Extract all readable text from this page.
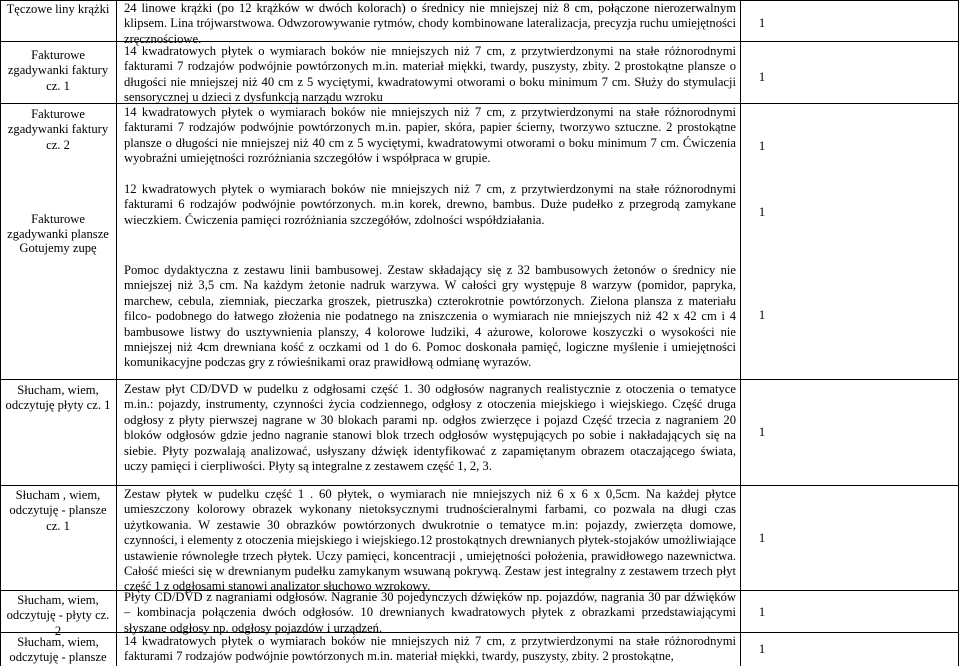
Tęczowe liny krążki
Fakturowe zgadywanki faktury cz. 1
Fakturowe zgadywanki faktury cz. 2
Fakturowe zgadywanki plansze
Gotujemy zupę
Słucham, wiem, odczytuję płyty cz. 1
Słucham , wiem, odczytuję - plansze cz. 1
Słucham, wiem, odczytuję - płyty cz. 2
Słucham, wiem, odczytuję - plansze
24 linowe krążki (po 12 krążków w dwóch kolorach) o średnicy nie mniejszej niż 8 cm, połączone nierozerwalnym klipsem. Lina trójwarstwowa. Odwzorowywanie rytmów, chody kombinowane lateralizacja, precyzja ruchu umiejętności zręcznościowe.
14 kwadratowych płytek o wymiarach boków nie mniejszych niż 7 cm, z przytwierdzonymi na stałe różnorodnymi fakturami 7 rodzajów podwójnie powtórzonych m.in. materiał miękki, twardy, puszysty, zbity. 2 prostokątne plansze o długości nie mniejszej niż 40 cm z 5 wyciętymi, kwadratowymi otworami o boku minimum 7 cm. Służy do stymulacji sensorycznej u dzieci z dysfunkcją narządu wzroku
14 kwadratowych płytek o wymiarach boków nie mniejszych niż 7 cm, z przytwierdzonymi na stałe różnorodnymi fakturami 7 rodzajów podwójnie powtórzonych m.in. papier, skóra, papier ścierny, tworzywo sztuczne. 2 prostokątne plansze o długości nie mniejszej niż 40 cm z 5 wyciętymi, kwadratowymi otworami o boku minimum 7 cm. Ćwiczenia wyobraźni umiejętności rozróżniania szczegółów i współpraca w grupie.
12 kwadratowych płytek o wymiarach boków nie mniejszych niż 7 cm, z przytwierdzonymi na stałe różnorodnymi fakturami 6 rodzajów podwójnie powtórzonych. m.in korek, drewno, bambus. Duże pudełko z przegrodą zamykane wieczkiem. Ćwiczenia pamięci rozróżniania szczegółów, zdolności współdziałania.
Pomoc dydaktyczna z zestawu linii bambusowej. Zestaw składający się z 32 bambusowych żetonów o średnicy nie mniejszej niż 3,5 cm. Na każdym żetonie nadruk warzywa. W całości gry występuje 8 warzyw (pomidor, papryka, marchew, cebula, ziemniak, pieczarka groszek, pietruszka) czterokrotnie powtórzonych. Zielona plansza z materiału filco- podobnego do łatwego złożenia nie podatnego na zniszczenia o wymiarach nie mniejszych niż 42 x 42 cm i 4 bambusowe listwy do usztywnienia planszy, 4 kolorowe ludziki, 4 ażurowe, kolorowe koszyczki o wysokości nie mniejszej niż 4cm drewniana kość z oczkami od 1 do 6. Pomoc doskonała pamięć, logiczne myślenie i umiejętności komunikacyjne podczas gry z rówieśnikami oraz prawidłową odmianę wyrazów.
Zestaw płyt CD/DVD w pudelku z odgłosami część 1. 30 odgłosów nagranych realistycznie z otoczenia o tematyce m.in.: pojazdy, instrumenty, czynności życia codziennego, odgłosy z otoczenia miejskiego i wiejskiego. Część druga odgłosy z płyty pierwszej nagrane w 30 blokach parami np. odgłos zwierzęce i pojazd Część trzecia z nagraniem 20 bloków odgłosów gdzie jedno nagranie stanowi blok trzech odgłosów występujących po sobie i nakładających się na siebie. Płyty pozwalają analizować, usłyszany dźwięk identyfikować z zapamiętanym obrazem otaczającego świata, uczy pamięci i cierpliwości. Płyty są integralne z zestawem część 1, 2, 3.
Zestaw płytek w pudelku część 1 . 60 płytek, o wymiarach nie mniejszych niż 6 x 6 x 0,5cm. Na każdej płytce umieszczony kolorowy obrazek wykonany nietoksycznymi trudnościeralnymi farbami, co pozwala na długi czas użytkowania. W zestawie 30 obrazków powtórzonych dwukrotnie o tematyce m.in: pojazdy, zwierzęta domowe, czynności, i elementy z otoczenia miejskiego i wiejskiego.12 prostokątnych drewnianych płytek-stojaków umożliwiające ustawienie równoległe trzech płytek. Uczy pamięci, koncentracji , umiejętności położenia, prawidłowego nazewnictwa. Całość mieści się w drewnianym pudełku zamykanym wsuwaną pokrywą. Zestaw jest integralny z zestawem trzech płyt część 1 z odgłosami stanowi analizator słuchowo wzrokowy.
Płyty CD/DVD z nagraniami odgłosów. Nagranie 30 pojedynczych dźwięków np. pojazdów, nagrania 30 par dźwięków – kombinacja połączenia dwóch odgłosów. 10 drewnianych kwadratowych płytek z obrazkami przedstawiającymi słyszane odgłosy np. odgłosy pojazdów i urządzeń.
14 kwadratowych płytek o wymiarach boków nie mniejszych niż 7 cm, z przytwierdzonymi na stałe różnorodnymi fakturami 7 rodzajów podwójnie powtórzonych m.in. materiał miękki, twardy, puszysty, zbity. 2 prostokątne,
1
1
1
1
1
1
1
1
1
